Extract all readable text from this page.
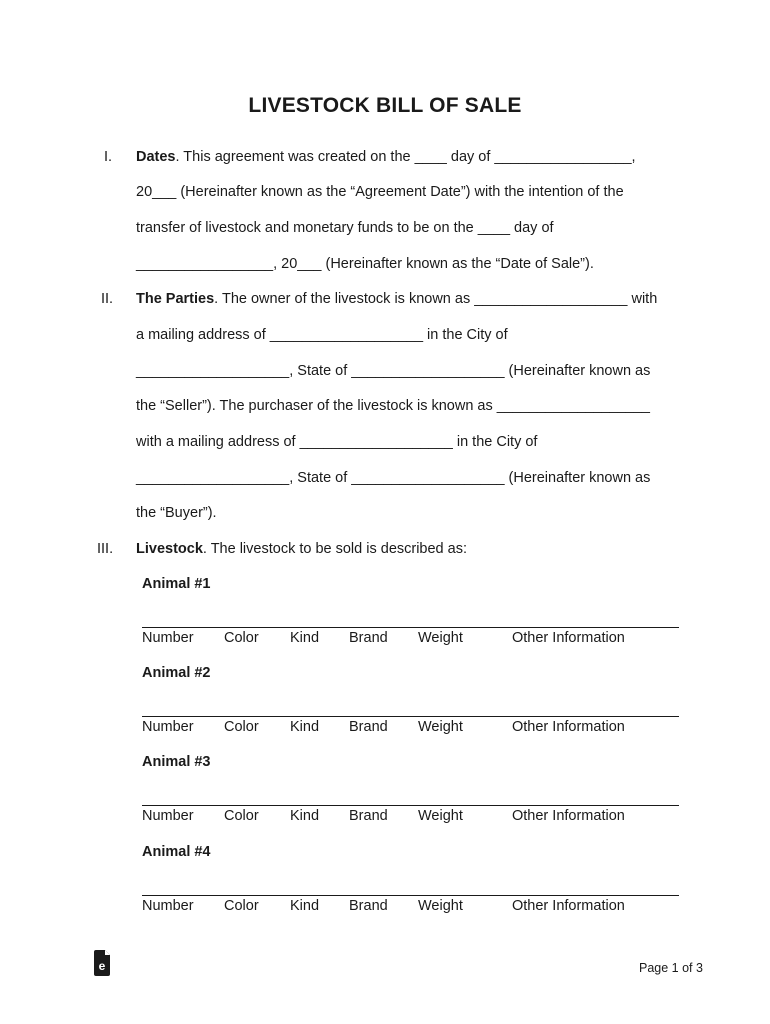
LIVESTOCK BILL OF SALE
I. Dates. This agreement was created on the ____ day of _________________,
20___ (Hereinafter known as the “Agreement Date”) with the intention of the
transfer of livestock and monetary funds to be on the ____ day of
_________________, 20___ (Hereinafter known as the “Date of Sale”).
II. The Parties. The owner of the livestock is known as ___________________ with
a mailing address of ___________________ in the City of
___________________, State of ___________________ (Hereinafter known as
the “Seller”). The purchaser of the livestock is known as ___________________
with a mailing address of ___________________ in the City of
___________________, State of ___________________ (Hereinafter known as
the “Buyer”).
III. Livestock. The livestock to be sold is described as:
Animal #1
Number Color Kind Brand Weight	Other Information
Animal #2
Number Color Kind Brand Weight	Other Information
Animal #3
Number Color Kind Brand Weight	Other Information
Animal #4
Number Color Kind Brand Weight	Other Information
e	Page 1 of 3
